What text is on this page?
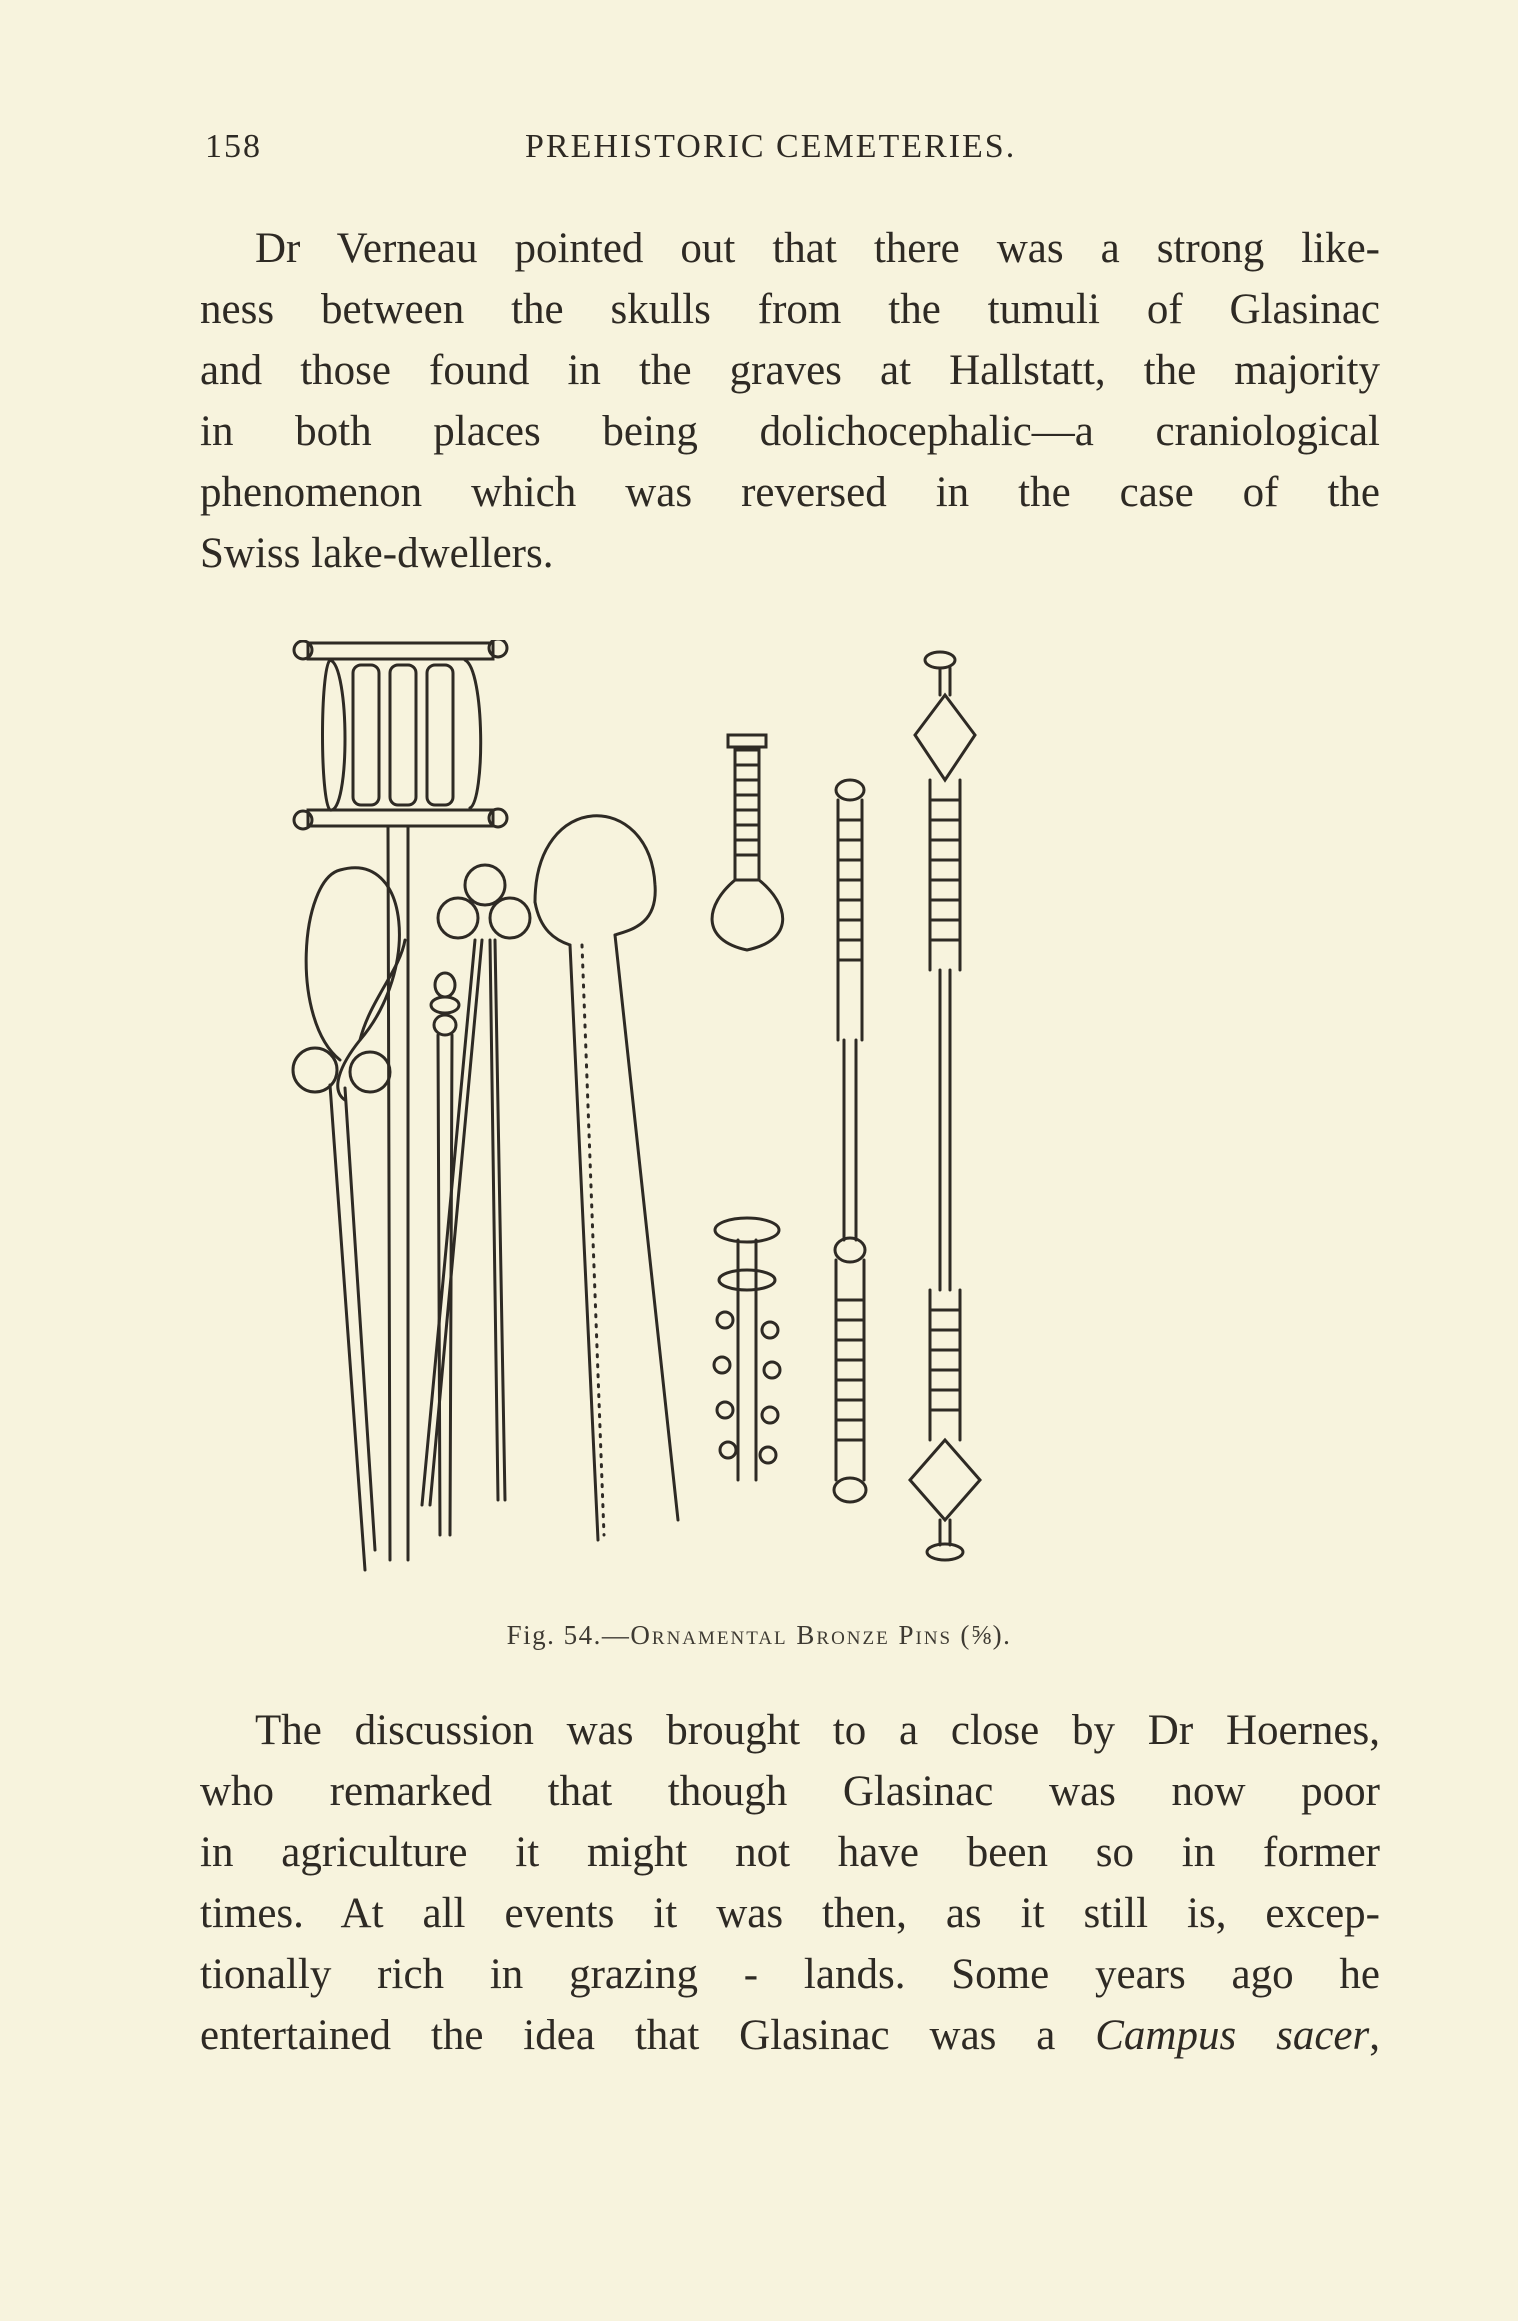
158	PREHISTORIC CEMETERIES.
Dr Verneau pointed out that there was a strong like-
ness between the skulls from the tumuli of Glasinac
and those found in the graves at Hallstatt, the majority
in both places being dolichocephalic—a craniological
phenomenon which was reversed in the case of the
Swiss lake-dwellers.
Fig. 54.—Ornamental Bronze Pins (⅝).
The discussion was brought to a close by Dr Hoernes,
who remarked that though Glasinac was now poor
in agriculture it might not have been so in former
times. At all events it was then, as it still is, excep-
tionally rich in grazing - lands. Some years ago he
entertained the idea that Glasinac was a Campus sacer,
